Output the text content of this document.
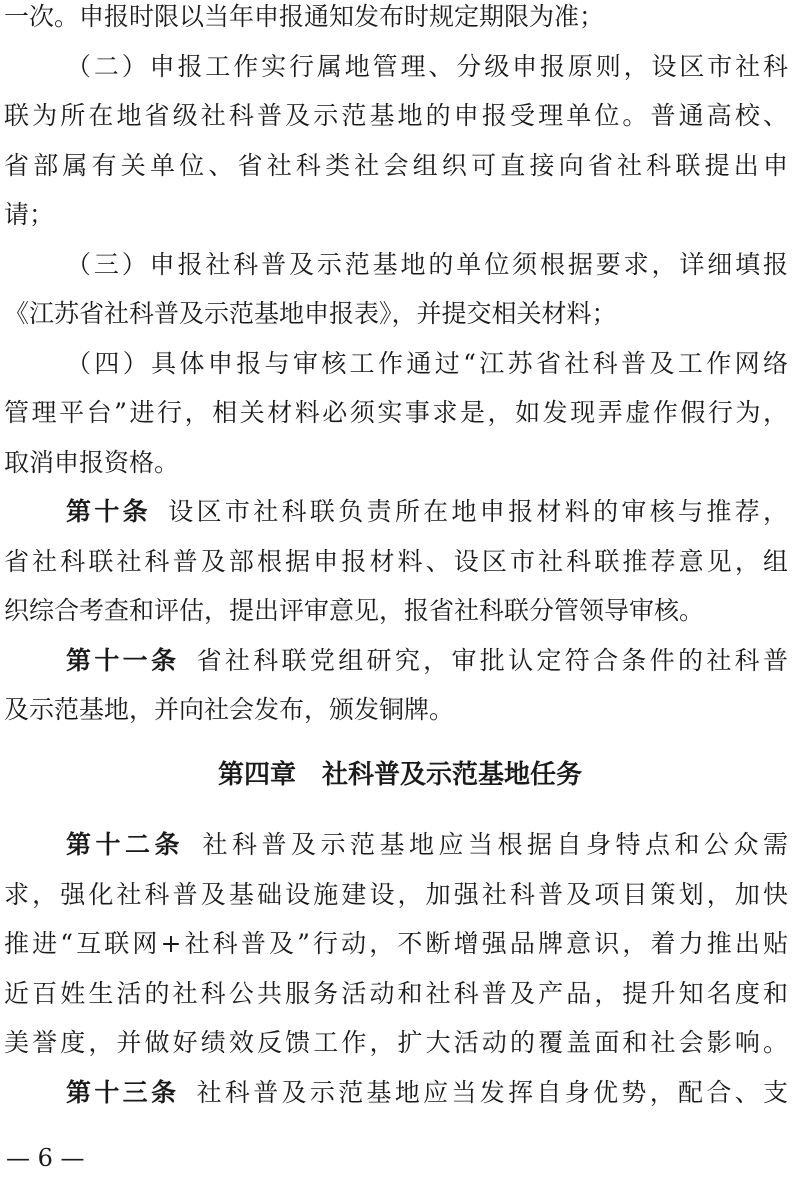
一次。申报时限以当年申报通知发布时规定期限为准；
（二）申报工作实行属地管理、分级申报原则，设区市社科
联为所在地省级社科普及示范基地的申报受理单位。普通高校、
省部属有关单位、省社科类社会组织可直接向省社科联提出申
请；
（三）申报社科普及示范基地的单位须根据要求，详细填报
《江苏省社科普及示范基地申报表》，并提交相关材料；
（四）具体申报与审核工作通过“江苏省社科普及工作网络
管理平台”进行，相关材料必须实事求是，如发现弄虚作假行为，
取消申报资格。
第十条 设区市社科联负责所在地申报材料的审核与推荐，
省社科联社科普及部根据申报材料、设区市社科联推荐意见，组
织综合考查和评估，提出评审意见，报省社科联分管领导审核。
第十一条 省社科联党组研究，审批认定符合条件的社科普
及示范基地，并向社会发布，颁发铜牌。
第四章　社科普及示范基地任务
第十二条 社科普及示范基地应当根据自身特点和公众需
求，强化社科普及基础设施建设，加强社科普及项目策划，加快
推进“互联网+社科普及”行动，不断增强品牌意识，着力推出贴
近百姓生活的社科公共服务活动和社科普及产品，提升知名度和
美誉度，并做好绩效反馈工作，扩大活动的覆盖面和社会影响。
第十三条 社科普及示范基地应当发挥自身优势，配合、支
— 6 —
